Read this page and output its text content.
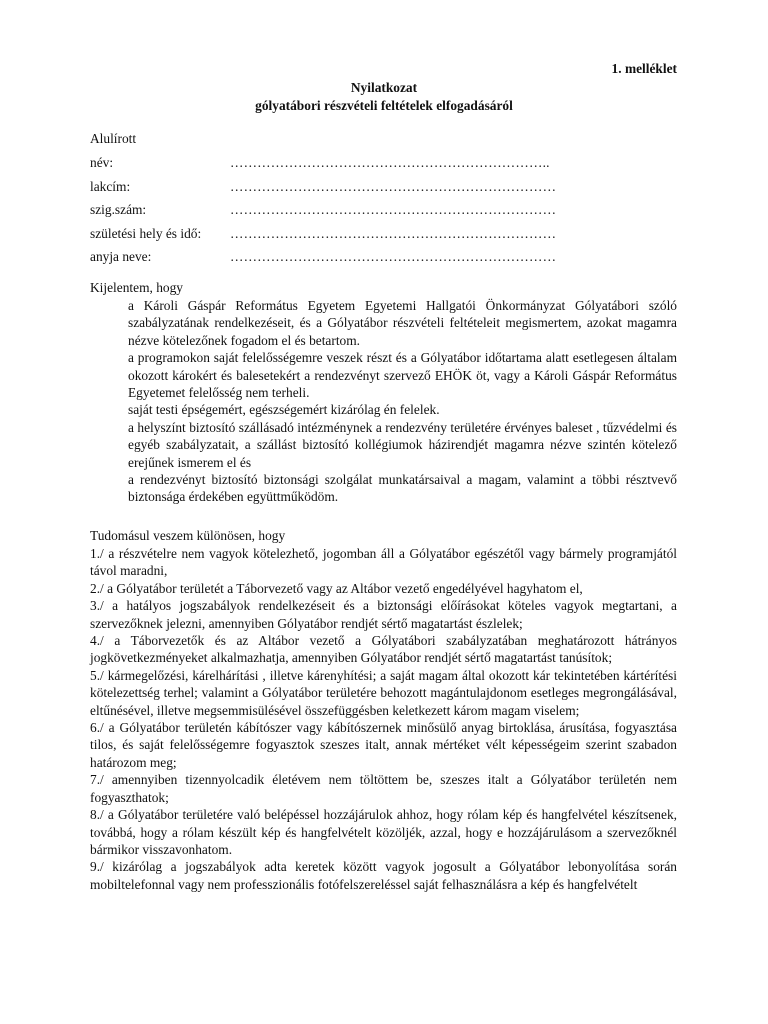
1. melléklet
Nyilatkozat
gólyatábori részvételi feltételek elfogadásáról
Alulírott
név:	……………………………………………………………..
lakcím:	………………………………………………………………
szig.szám:	………………………………………………………………
születési hely és idő:	………………………………………………………………
anyja neve:	………………………………………………………………
Kijelentem, hogy

a Károli Gáspár Református Egyetem Egyetemi Hallgatói Önkormányzat Gólyatábori szóló szabályzatának rendelkezéseit, és a Gólyatábor részvételi feltételeit megismertem, azokat magamra nézve kötelezőnek fogadom el és betartom.

a programokon saját felelősségemre veszek részt és a Gólyatábor időtartama alatt esetlegesen általam okozott károkért és balesetekért a rendezvényt szervező EHÖK öt, vagy a Károli Gáspár Református Egyetemet felelősség nem terheli.

saját testi épségemért, egészségemért kizárólag én felelek.

a helyszínt biztosító szállásadó intézménynek a rendezvény területére érvényes baleset , tűzvédelmi és egyéb szabályzatait, a szállást biztosító kollégiumok házirendjét magamra nézve szintén kötelező erejűnek ismerem el és

a rendezvényt biztosító biztonsági szolgálat munkatársaival a magam, valamint a többi résztvevő biztonsága érdekében együttműködöm.

Tudomásul veszem különösen, hogy

1./ a részvételre nem vagyok kötelezhető, jogomban áll a Gólyatábor egészétől vagy bármely programjától távol maradni,

2./ a Gólyatábor területét a Táborvezető vagy az Altábor vezető engedélyével hagyhatom el,

3./ a hatályos jogszabályok rendelkezéseit és a biztonsági előírásokat köteles vagyok megtartani, a szervezőknek jelezni, amennyiben Gólyatábor rendjét sértő magatartást észlelek;

4./ a Táborvezetők és az Altábor vezető a Gólyatábori szabályzatában meghatározott hátrányos jogkövetkezményeket alkalmazhatja, amennyiben Gólyatábor rendjét sértő magatartást tanúsítok;

5./ kármegelőzési, kárelhárítási , illetve kárenyhítési; a saját magam által okozott kár tekintetében kártérítési kötelezettség terhel; valamint a Gólyatábor területére behozott magántulajdonom esetleges megrongálásával, eltűnésével, illetve megsemmisülésével összefüggésben keletkezett károm magam viselem;

6./ a Gólyatábor területén kábítószer vagy kábítószernek minősülő anyag birtoklása, árusítása, fogyasztása tilos, és saját felelősségemre fogyasztok szeszes italt, annak mértéket vélt képességeim szerint szabadon határozom meg;

7./ amennyiben tizennyolcadik életévem nem töltöttem be, szeszes italt a Gólyatábor területén nem fogyaszthatok;

8./ a Gólyatábor területére való belépéssel hozzájárulok ahhoz, hogy rólam kép és hangfelvétel készítsenek, továbbá, hogy a rólam készült kép és hangfelvételt közöljék, azzal, hogy e hozzájárulásom a szervezőknél bármikor visszavonhatom.

9./ kizárólag a jogszabályok adta keretek között vagyok jogosult a Gólyatábor lebonyolítása során mobiltelefonnal vagy nem professzionális fotófelszereléssel saját felhasználásra a kép és hangfelvételt
